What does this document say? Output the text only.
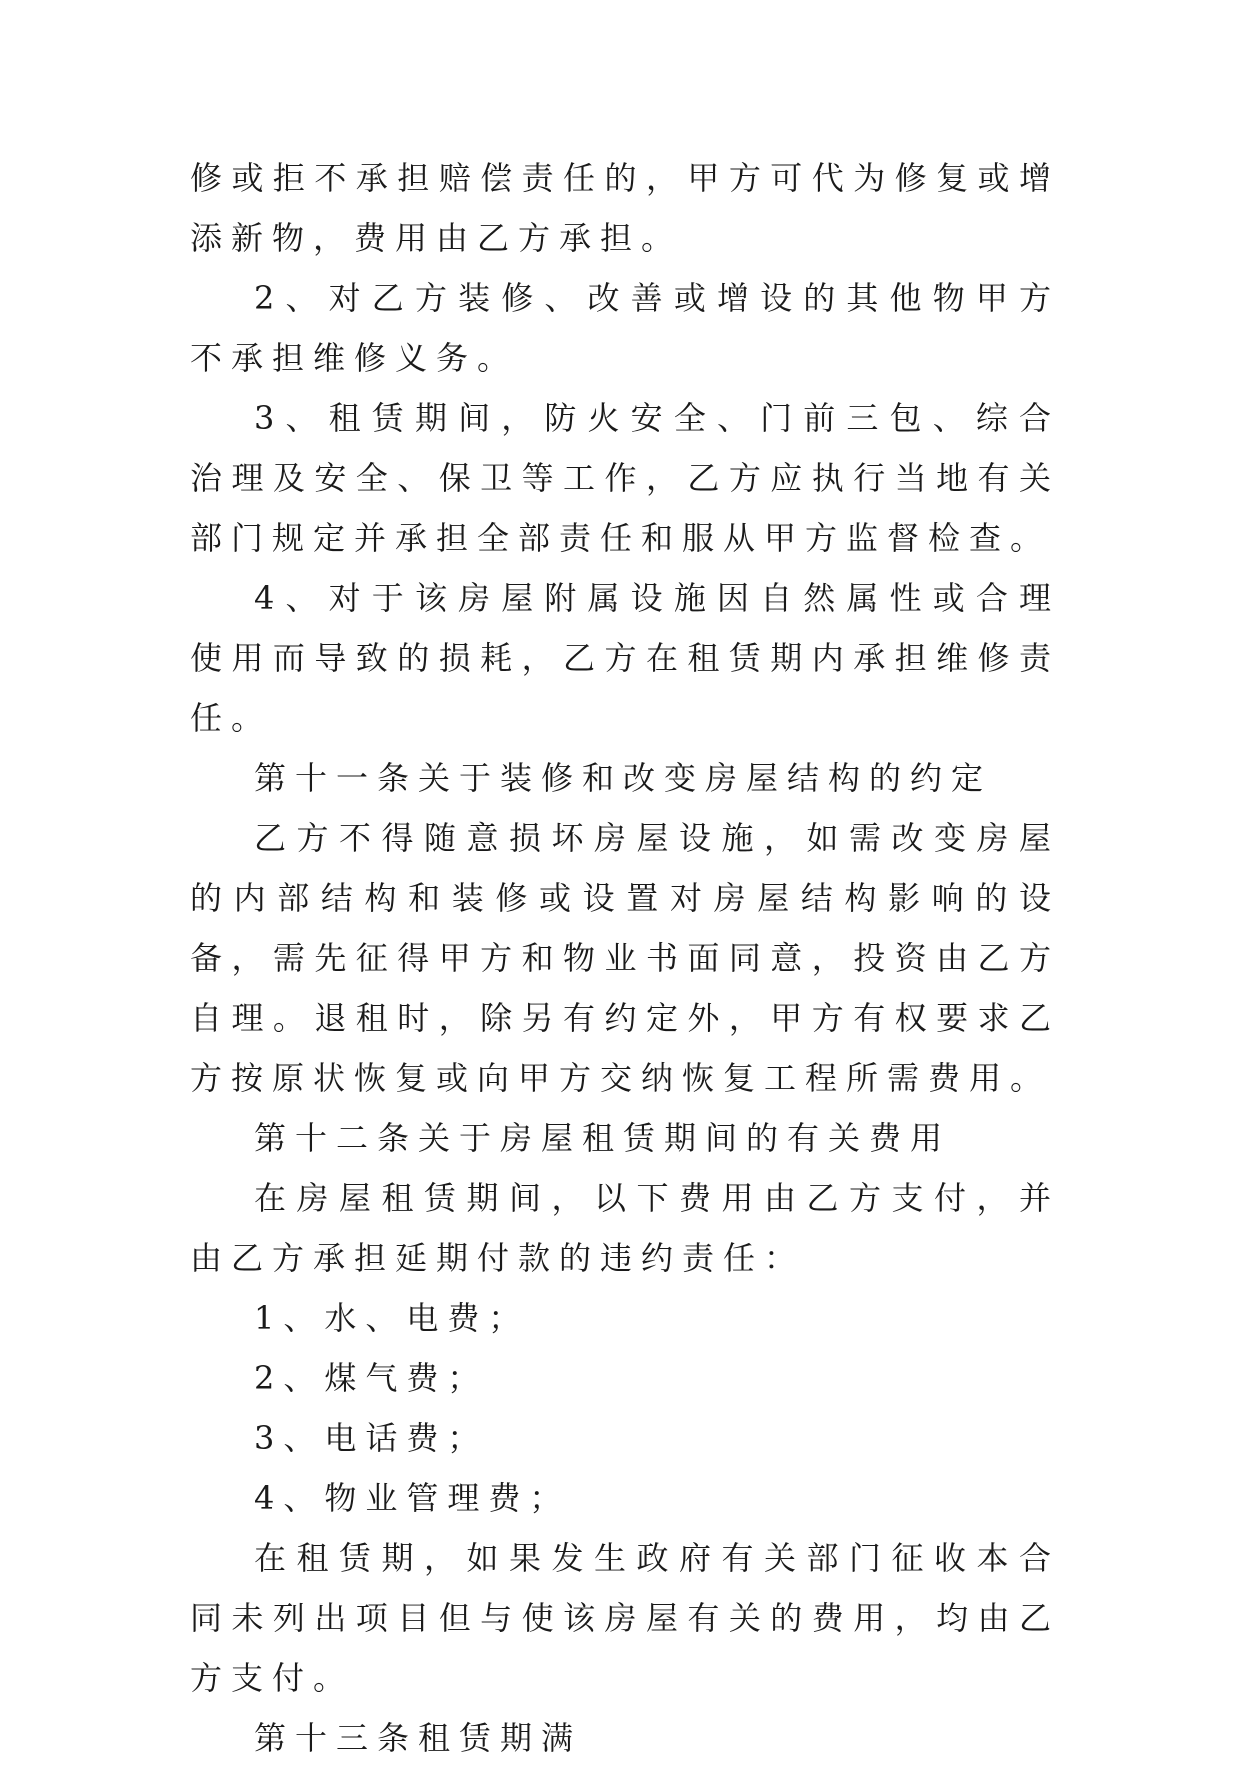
修或拒不承担赔偿责任的，甲方可代为修复或增添新物，费用由乙方承担。

2、对乙方装修、改善或增设的其他物甲方不承担维修义务。

3、租赁期间，防火安全、门前三包、综合治理及安全、保卫等工作，乙方应执行当地有关部门规定并承担全部责任和服从甲方监督检查。

4、对于该房屋附属设施因自然属性或合理使用而导致的损耗，乙方在租赁期内承担维修责任。

第十一条关于装修和改变房屋结构的约定

乙方不得随意损坏房屋设施，如需改变房屋的内部结构和装修或设置对房屋结构影响的设备，需先征得甲方和物业书面同意，投资由乙方自理。退租时，除另有约定外，甲方有权要求乙方按原状恢复或向甲方交纳恢复工程所需费用。

第十二条关于房屋租赁期间的有关费用

在房屋租赁期间，以下费用由乙方支付，并由乙方承担延期付款的违约责任：

1、水、电费；

2、煤气费；

3、电话费；

4、物业管理费；

在租赁期，如果发生政府有关部门征收本合同未列出项目但与使该房屋有关的费用，均由乙方支付。

第十三条租赁期满
